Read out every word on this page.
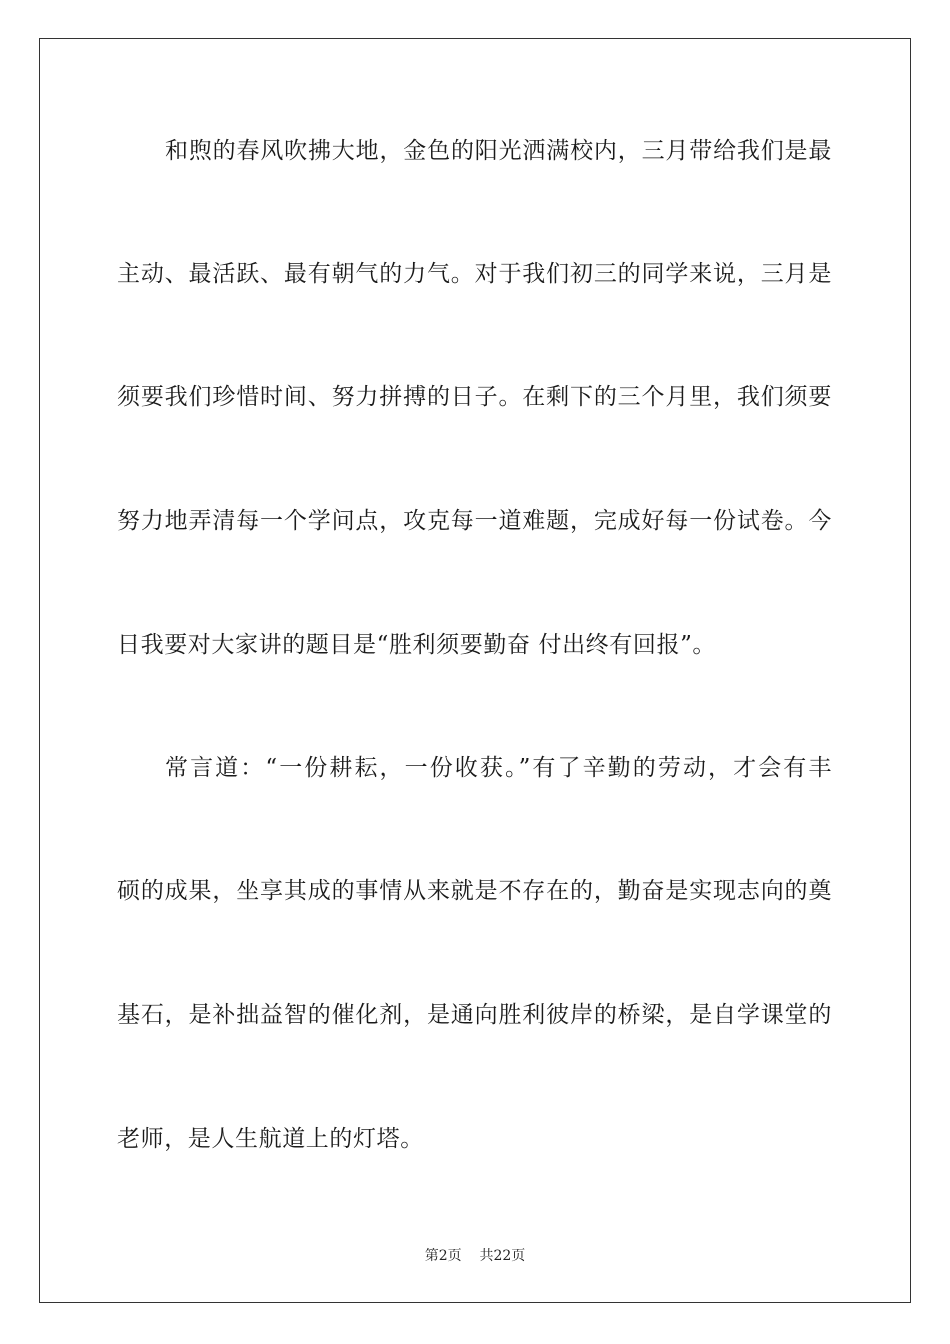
和煦的春风吹拂大地，金色的阳光洒满校内，三月带给我们是最
主动、最活跃、最有朝气的力气。对于我们初三的同学来说，三月是
须要我们珍惜时间、努力拼搏的日子。在剩下的三个月里，我们须要
努力地弄清每一个学问点，攻克每一道难题，完成好每一份试卷。今
日我要对大家讲的题目是“胜利须要勤奋 付出终有回报”。
常言道：“一份耕耘，一份收获。”有了辛勤的劳动，才会有丰
硕的成果，坐享其成的事情从来就是不存在的，勤奋是实现志向的奠
基石，是补拙益智的催化剂，是通向胜利彼岸的桥梁，是自学课堂的
老师，是人生航道上的灯塔。
第2页 共22页
